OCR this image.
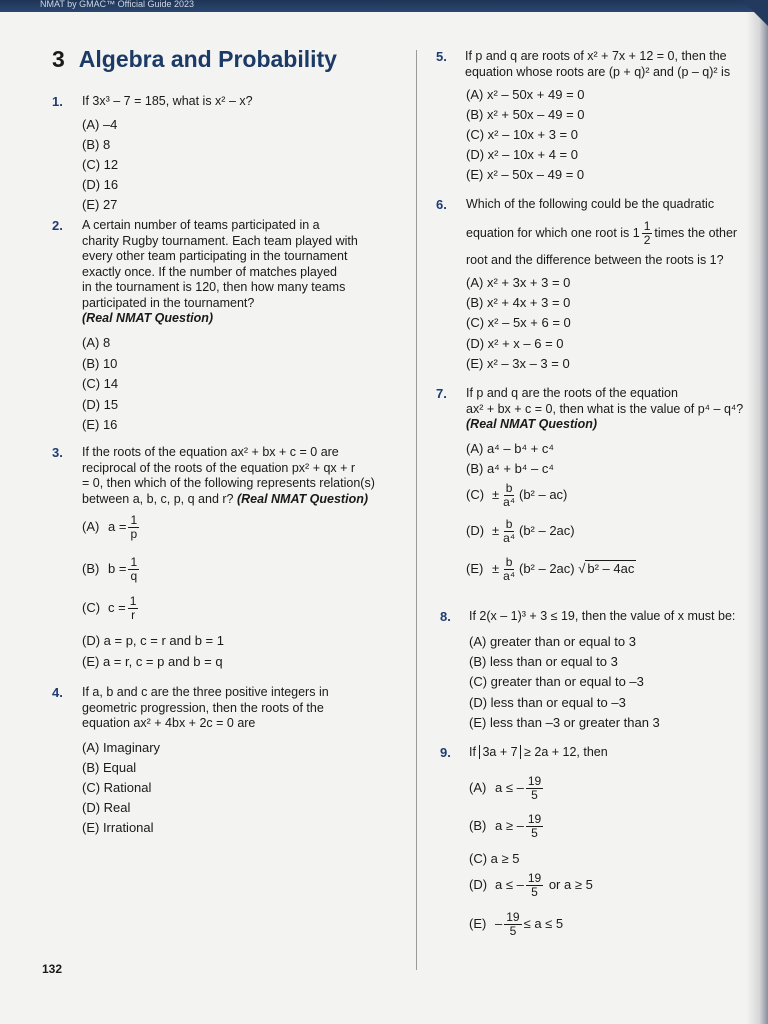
NMAT by GMAC™ Official Guide 2023
3 Algebra and Probability
1. If 3x³ – 7 = 185, what is x² – x?
(A) –4
(B) 8
(C) 12
(D) 16
(E) 27
2. A certain number of teams participated in a
charity Rugby tournament. Each team played with
every other team participating in the tournament
exactly once. If the number of matches played
in the tournament is 120, then how many teams
participated in the tournament?
(Real NMAT Question)
(A) 8
(B) 10
(C) 14
(D) 15
(E) 16
3. If the roots of the equation ax² + bx + c = 0 are
reciprocal of the roots of the equation px² + qx + r
= 0, then which of the following represents relation(s)
between a, b, c, p, q and r? (Real NMAT Question)
(A) $a = \frac{1}{p}$
(B) $b = \frac{1}{q}$
(C) $c = \frac{1}{r}$
(D) a = p, c = r and b = 1
(E) a = r, c = p and b = q
4. If a, b and c are the three positive integers in
geometric progression, then the roots of the
equation ax² + 4bx + 2c = 0 are
(A) Imaginary
(B) Equal
(C) Rational
(D) Real
(E) Irrational
5. If p and q are roots of x² + 7x + 12 = 0, then the
equation whose roots are (p + q)² and (p – q)² is
(A) x² – 50x + 49 = 0
(B) x² + 50x – 49 = 0
(C) x² – 10x + 3 = 0
(D) x² – 10x + 4 = 0
(E) x² – 50x – 49 = 0
6. Which of the following could be the quadratic
equation for which one root is $1 \frac{1}{2}$ times the other
root and the difference between the roots is 1?
(A) x² + 3x + 3 = 0
(B) x² + 4x + 3 = 0
(C) x² – 5x + 6 = 0
(D) x² + x – 6 = 0
(E) x² – 3x – 3 = 0
7. If p and q are the roots of the equation
ax² + bx + c = 0, then what is the value of p⁴ – q⁴?
(Real NMAT Question)
(A) a⁴ – b⁴ + c⁴
(B) a⁴ + b⁴ – c⁴
$(C) \pm \frac{b}{\text{a⁴}} (b^2 - ac)$
$(D) \pm \frac{b}{\text{a⁴}} (b^2 - 2ac)$
$(E) \pm \frac{b}{\text{a⁴}} (b^2 - 2ac)$ √ b² – 4ac
8. If 2(x – 1)³ + 3 ≤ 19, then the value of x must be:
(A) greater than or equal to 3
(B) less than or equal to 3
(C) greater than or equal to –3
(D) less than or equal to –3
(E) less than –3 or greater than 3
9. If 3a + 7 ≥ 2a + 12, then
(A) a ≤ – $\frac{19}{5}$
(B) a ≥ – $\frac{19}{5}$
(C) a ≥ 5
(D) a ≤ – $\frac{19}{5}$ or a ≥ 5
$(E) - \frac{19}{5} \le a \le 5$
132
